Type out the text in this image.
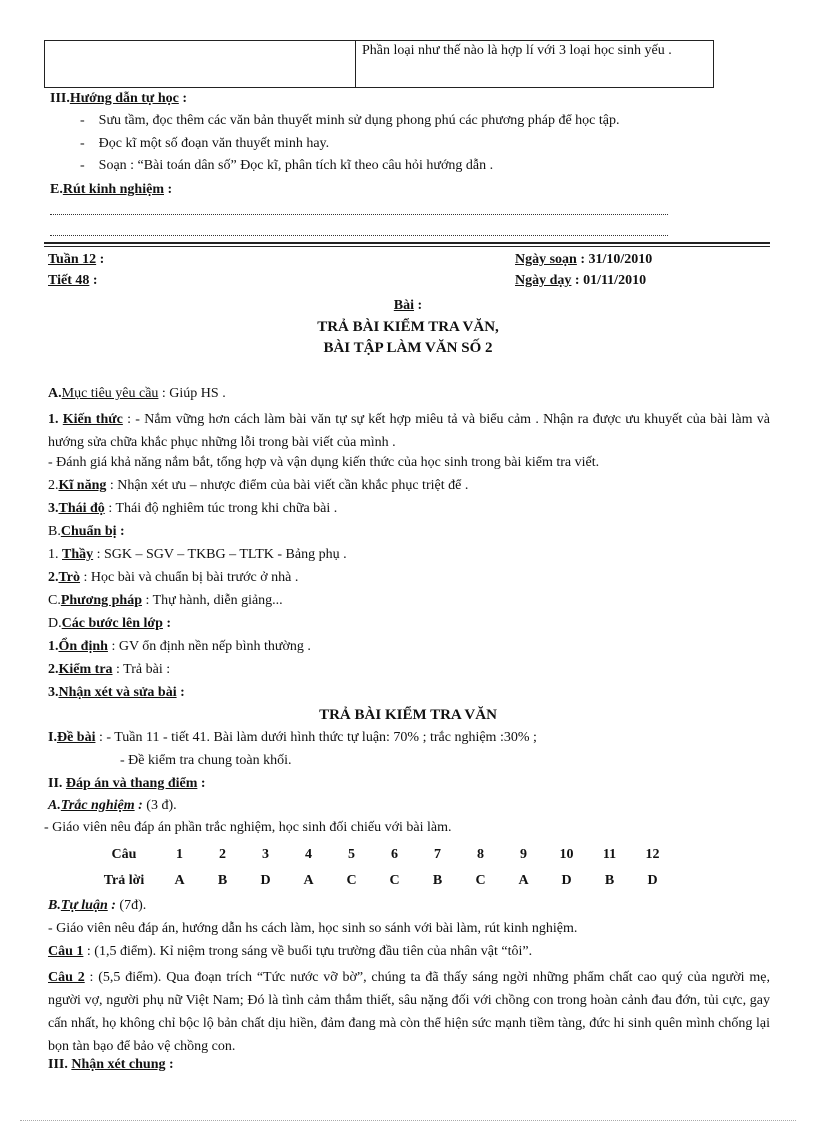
	Phần loại như thế nào là hợp lí với 3 loại học sinh yếu .
III.Hướng dẫn tự học :
-    Sưu tầm, đọc thêm các văn bản thuyết minh sử dụng phong phú các phương pháp để học tập.
-    Đọc kĩ một số đoạn văn thuyết minh hay.
-    Soạn : “Bài toán dân số” Đọc kĩ, phân tích kĩ theo câu hỏi hướng dẫn .
E.Rút kinh nghiệm :
Tuần 12 :
Tiết 48 :
Ngày soạn : 31/10/2010
Ngày dạy : 01/11/2010
Bài :
TRẢ BÀI KIỂM TRA VĂN,
BÀI TẬP LÀM VĂN SỐ 2
A.Mục tiêu yêu cầu : Giúp HS .
1. Kiến thức : - Nắm vững hơn cách làm bài văn tự sự kết hợp miêu tả và biểu cảm . Nhận ra được ưu khuyết của bài làm và hướng sửa chữa khắc phục những lỗi trong bài viết của mình .
- Đánh giá khả năng nắm bắt, tổng hợp và vận dụng kiến thức của học sinh trong bài kiểm tra viết.
2.Kĩ năng : Nhận xét ưu – nhược điểm của bài viết cần khắc phục triệt để .
3.Thái độ : Thái độ nghiêm túc trong khi chữa bài .
B.Chuẩn bị :
1. Thầy : SGK – SGV – TKBG – TLTK - Bảng phụ .
2.Trò : Học bài và chuẩn bị bài trước ở nhà .
C.Phương pháp : Thự hành, diễn giảng...
D.Các bước lên lớp :
1.Ổn định : GV ổn định nền nếp bình thường .
2.Kiểm tra : Trả bài :
3.Nhận xét và sửa bài :
TRẢ BÀI KIỂM TRA VĂN
I.Đề bài : - Tuần 11 - tiết 41. Bài làm dưới hình thức tự luận: 70% ; trắc nghiệm :30% ;
- Đề kiểm tra chung toàn khối.
II. Đáp án và thang điểm :
A.Trắc nghiệm : (3 đ).
- Giáo viên nêu đáp án phần trắc nghiệm, học sinh đối chiếu với bài làm.
Câu	1	2	3	4	5	6	7	8	9	10	11	12
Trả lời	A	B	D	A	C	C	B	C	A	D	B	D
B.Tự luận : (7đ).
- Giáo viên nêu đáp án, hướng dẫn hs cách làm, học sinh so sánh với bài làm, rút kinh nghiệm.
Câu 1 : (1,5 điểm). Kỉ niệm trong sáng về buổi tựu trường đầu tiên của nhân vật “tôi”.
Câu 2 : (5,5 điểm). Qua đoạn trích “Tức nước vỡ bờ”, chúng ta đã thấy sáng ngời những phẩm chất cao quý của người mẹ, người vợ, người phụ nữ Việt Nam; Đó là tình cảm thắm thiết, sâu nặng đối với chồng con trong hoàn cảnh đau đớn, tủi cực, gay cấn nhất, họ không chỉ bộc lộ bản chất dịu hiền, đảm đang mà còn thể hiện sức mạnh tiềm tàng, đức hi sinh quên mình chống lại bọn tàn bạo để bảo vệ chồng con.
III. Nhận xét chung :
